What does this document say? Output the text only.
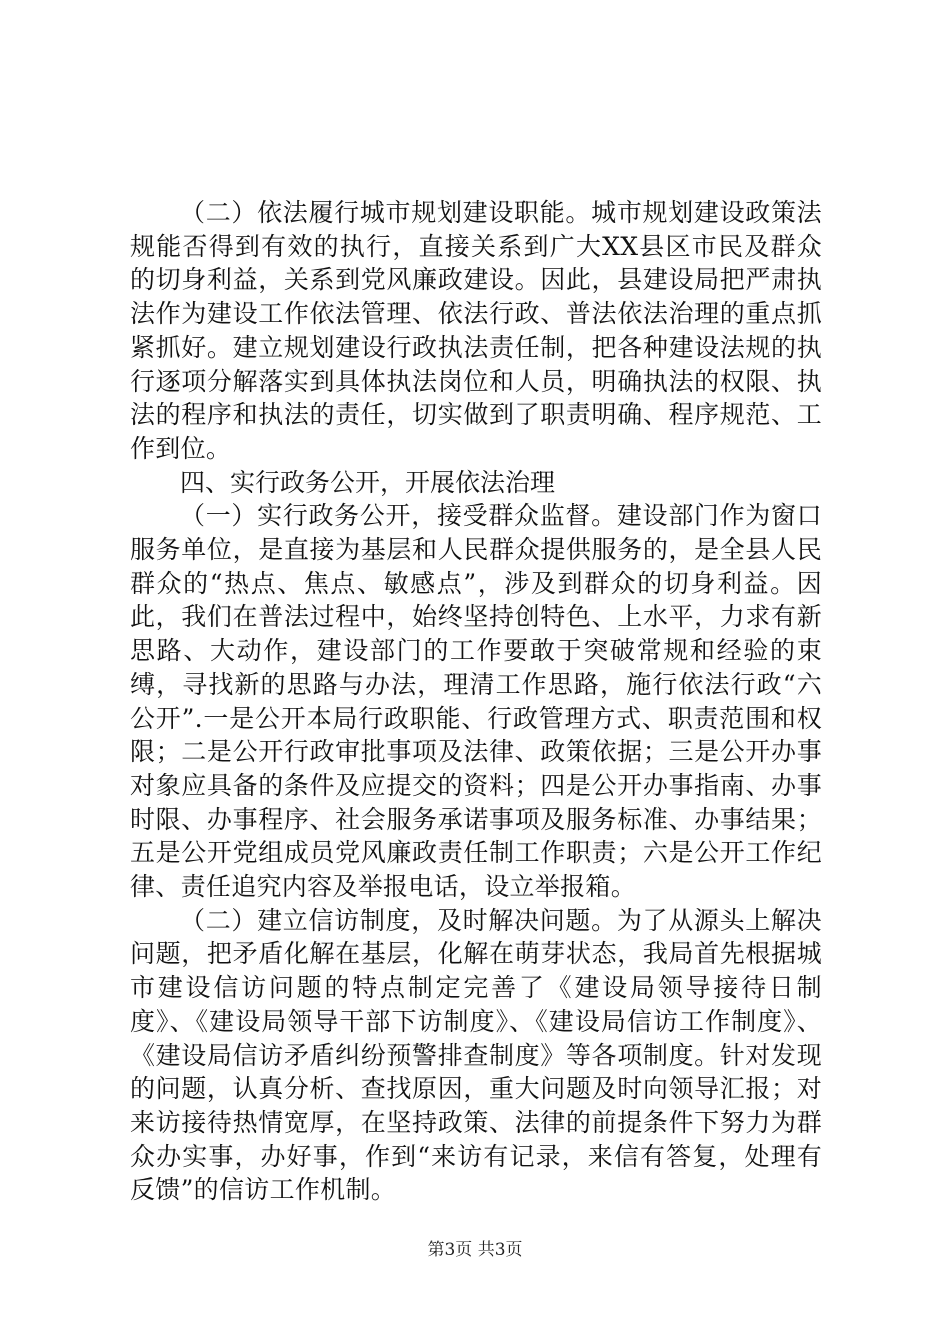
（二）依法履行城市规划建设职能。城市规划建设政策法规能否得到有效的执行，直接关系到广大XX县区市民及群众的切身利益，关系到党风廉政建设。因此，县建设局把严肃执法作为建设工作依法管理、依法行政、普法依法治理的重点抓紧抓好。建立规划建设行政执法责任制，把各种建设法规的执行逐项分解落实到具体执法岗位和人员，明确执法的权限、执法的程序和执法的责任，切实做到了职责明确、程序规范、工作到位。

四、实行政务公开，开展依法治理

（一）实行政务公开，接受群众监督。建设部门作为窗口服务单位，是直接为基层和人民群众提供服务的，是全县人民群众的“热点、焦点、敏感点”，涉及到群众的切身利益。因此，我们在普法过程中，始终坚持创特色、上水平，力求有新思路、大动作，建设部门的工作要敢于突破常规和经验的束缚，寻找新的思路与办法，理清工作思路，施行依法行政“六公开”.一是公开本局行政职能、行政管理方式、职责范围和权限；二是公开行政审批事项及法律、政策依据；三是公开办事对象应具备的条件及应提交的资料；四是公开办事指南、办事时限、办事程序、社会服务承诺事项及服务标准、办事结果；五是公开党组成员党风廉政责任制工作职责；六是公开工作纪律、责任追究内容及举报电话，设立举报箱。

（二）建立信访制度，及时解决问题。为了从源头上解决问题，把矛盾化解在基层，化解在萌芽状态，我局首先根据城市建设信访问题的特点制定完善了《建设局领导接待日制度》、《建设局领导干部下访制度》、《建设局信访工作制度》、《建设局信访矛盾纠纷预警排查制度》等各项制度。针对发现的问题，认真分析、查找原因，重大问题及时向领导汇报；对来访接待热情宽厚，在坚持政策、法律的前提条件下努力为群众办实事，办好事，作到“来访有记录，来信有答复，处理有反馈”的信访工作机制。

第3页 共3页
